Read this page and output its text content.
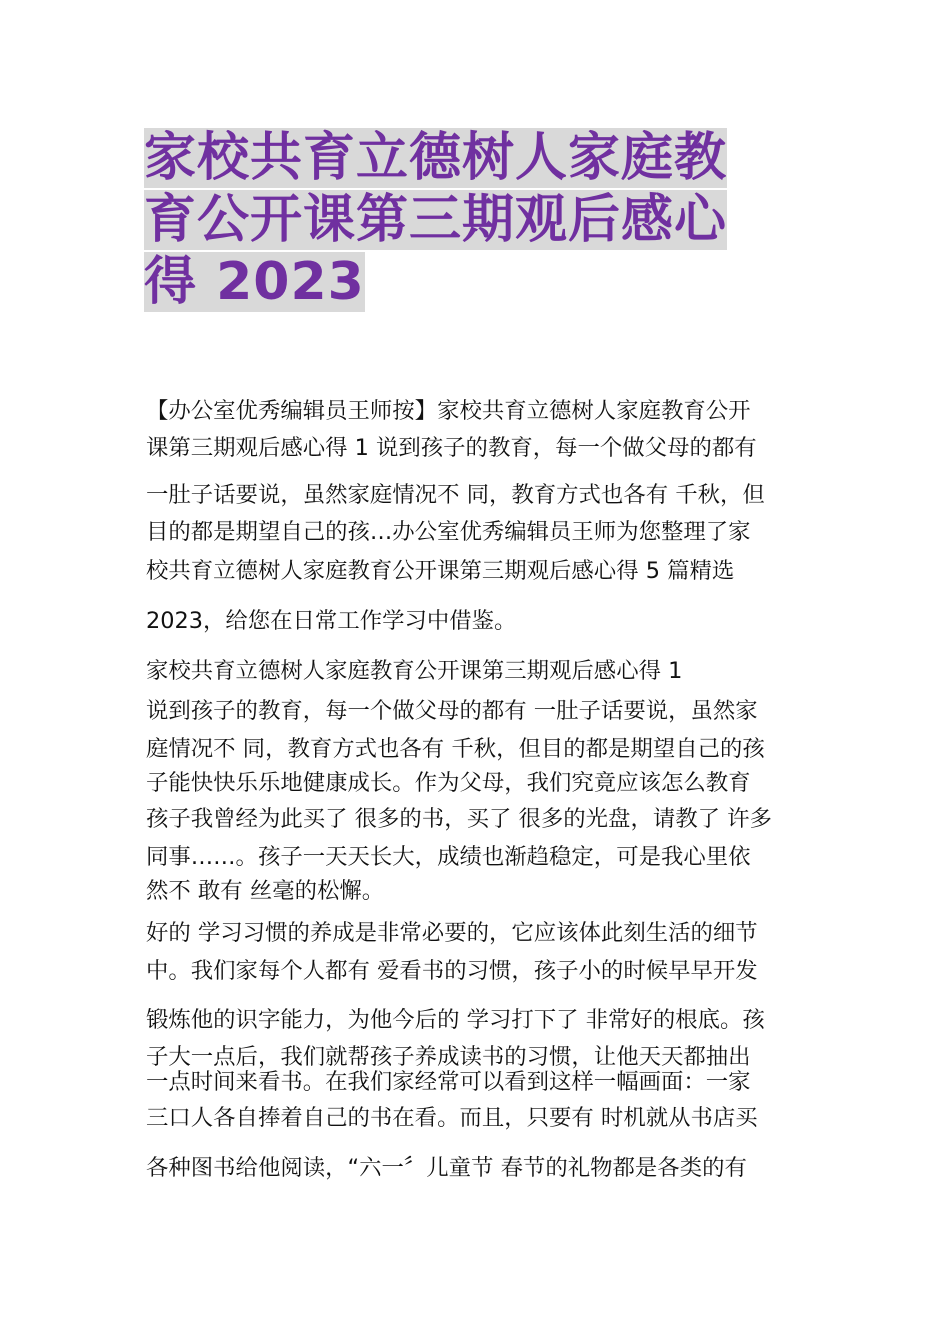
家校共育立德树人家庭教
育公开课第三期观后感心
得 2023
【办公室优秀编辑员王师按】家校共育立德树人家庭教育公开
课第三期观后感心得 1 说到孩子的教育，每一个做父母的都有
一肚子话要说，虽然家庭情况不 同，教育方式也各有 千秋，但
目的都是期望自己的孩…办公室优秀编辑员王师为您整理了家
校共育立德树人家庭教育公开课第三期观后感心得 5 篇精选
2023，给您在日常工作学习中借鉴。
家校共育立德树人家庭教育公开课第三期观后感心得 1
说到孩子的教育，每一个做父母的都有 一肚子话要说，虽然家
庭情况不 同，教育方式也各有 千秋，但目的都是期望自己的孩
子能快快乐乐地健康成长。作为父母，我们究竟应该怎么教育
孩子我曾经为此买了 很多的书，买了 很多的光盘，请教了 许多
同事……。孩子一天天长大，成绩也渐趋稳定，可是我心里依
然不 敢有 丝毫的松懈。
好的 学习习惯的养成是非常必要的，它应该体此刻生活的细节
中。我们家每个人都有 爱看书的习惯，孩子小的时候早早开发
锻炼他的识字能力，为他今后的 学习打下了 非常好的根底。孩
子大一点后，我们就帮孩子养成读书的习惯，让他天天都抽出
一点时间来看书。在我们家经常可以看到这样一幅画面：一家
三口人各自捧着自己的书在看。而且，只要有 时机就从书店买
各种图书给他阅读，“六一〞儿童节 春节的礼物都是各类的有
